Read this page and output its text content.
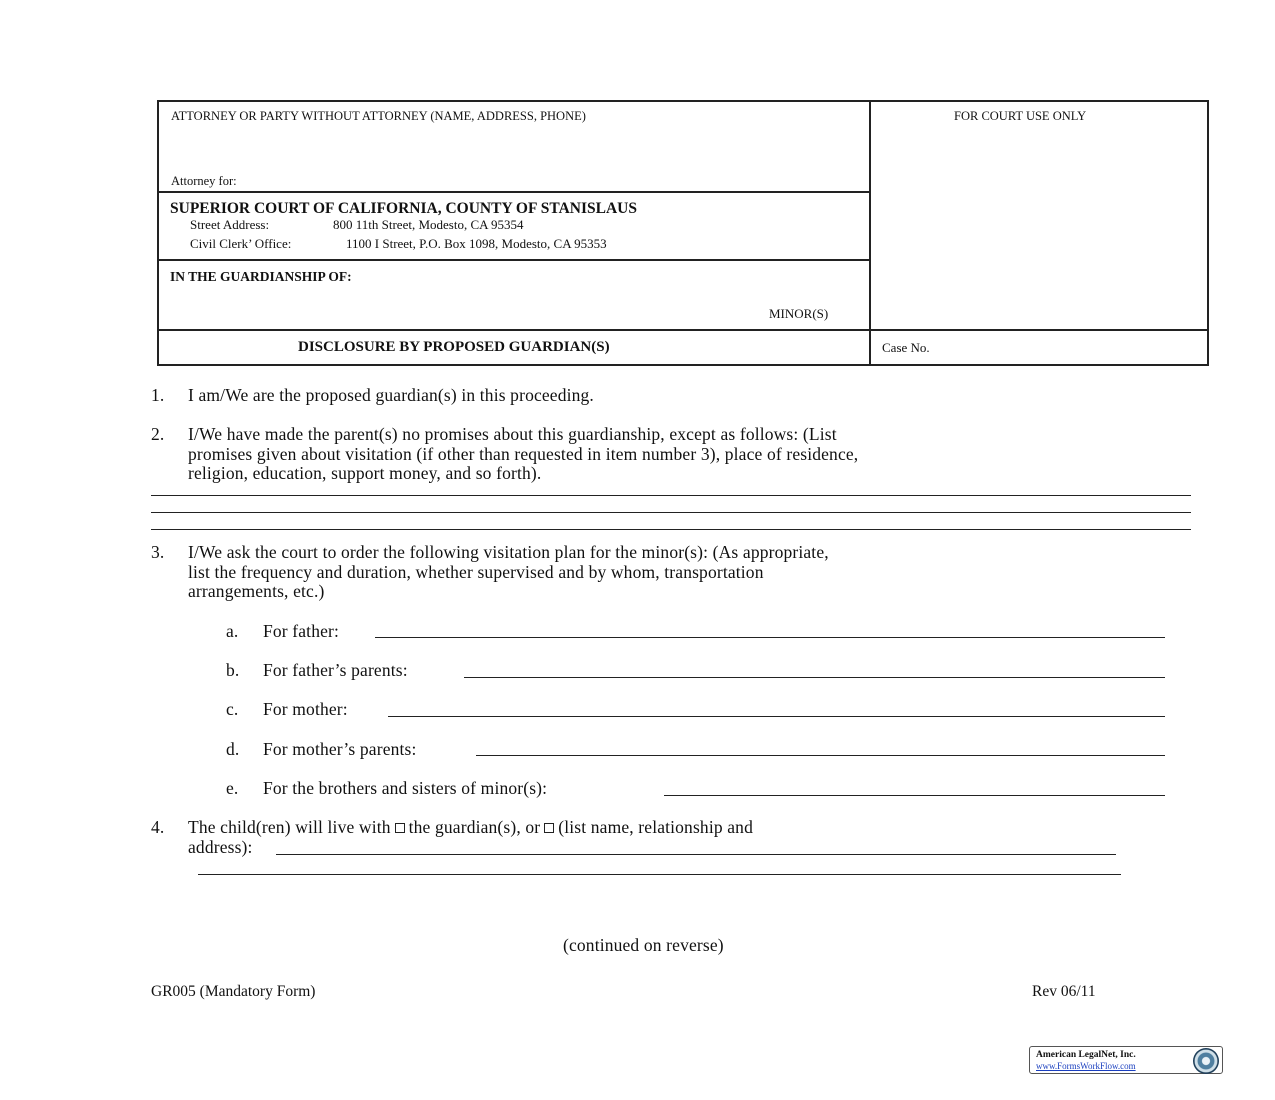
ATTORNEY OR PARTY WITHOUT ATTORNEY (NAME, ADDRESS, PHONE)	FOR COURT USE ONLY
Attorney for:
SUPERIOR COURT OF CALIFORNIA, COUNTY OF STANISLAUS
Street Address:	800 11th Street, Modesto, CA 95354
Civil Clerk’ Office:	1100 I Street, P.O. Box 1098, Modesto, CA 95353
IN THE GUARDIANSHIP OF:
MINOR(S)
DISCLOSURE BY PROPOSED GUARDIAN(S)	Case No.
1. I am/We are the proposed guardian(s) in this proceeding.
2. I/We have made the parent(s) no promises about this guardianship, except as follows: (List
promises given about visitation (if other than requested in item number 3), place of residence,
religion, education, support money, and so forth).
3. I/We ask the court to order the following visitation plan for the minor(s): (As appropriate,
list the frequency and duration, whether supervised and by whom, transportation
arrangements, etc.)
a. For father:
b. For father’s parents:
c. For mother:
d. For mother’s parents:
e. For the brothers and sisters of minor(s):
4. The child(ren) will live with the guardian(s), or (list name, relationship and
address):
(continued on reverse)
GR005 (Mandatory Form)	Rev 06/11
American LegalNet, Inc.
www.FormsWorkFlow.com
